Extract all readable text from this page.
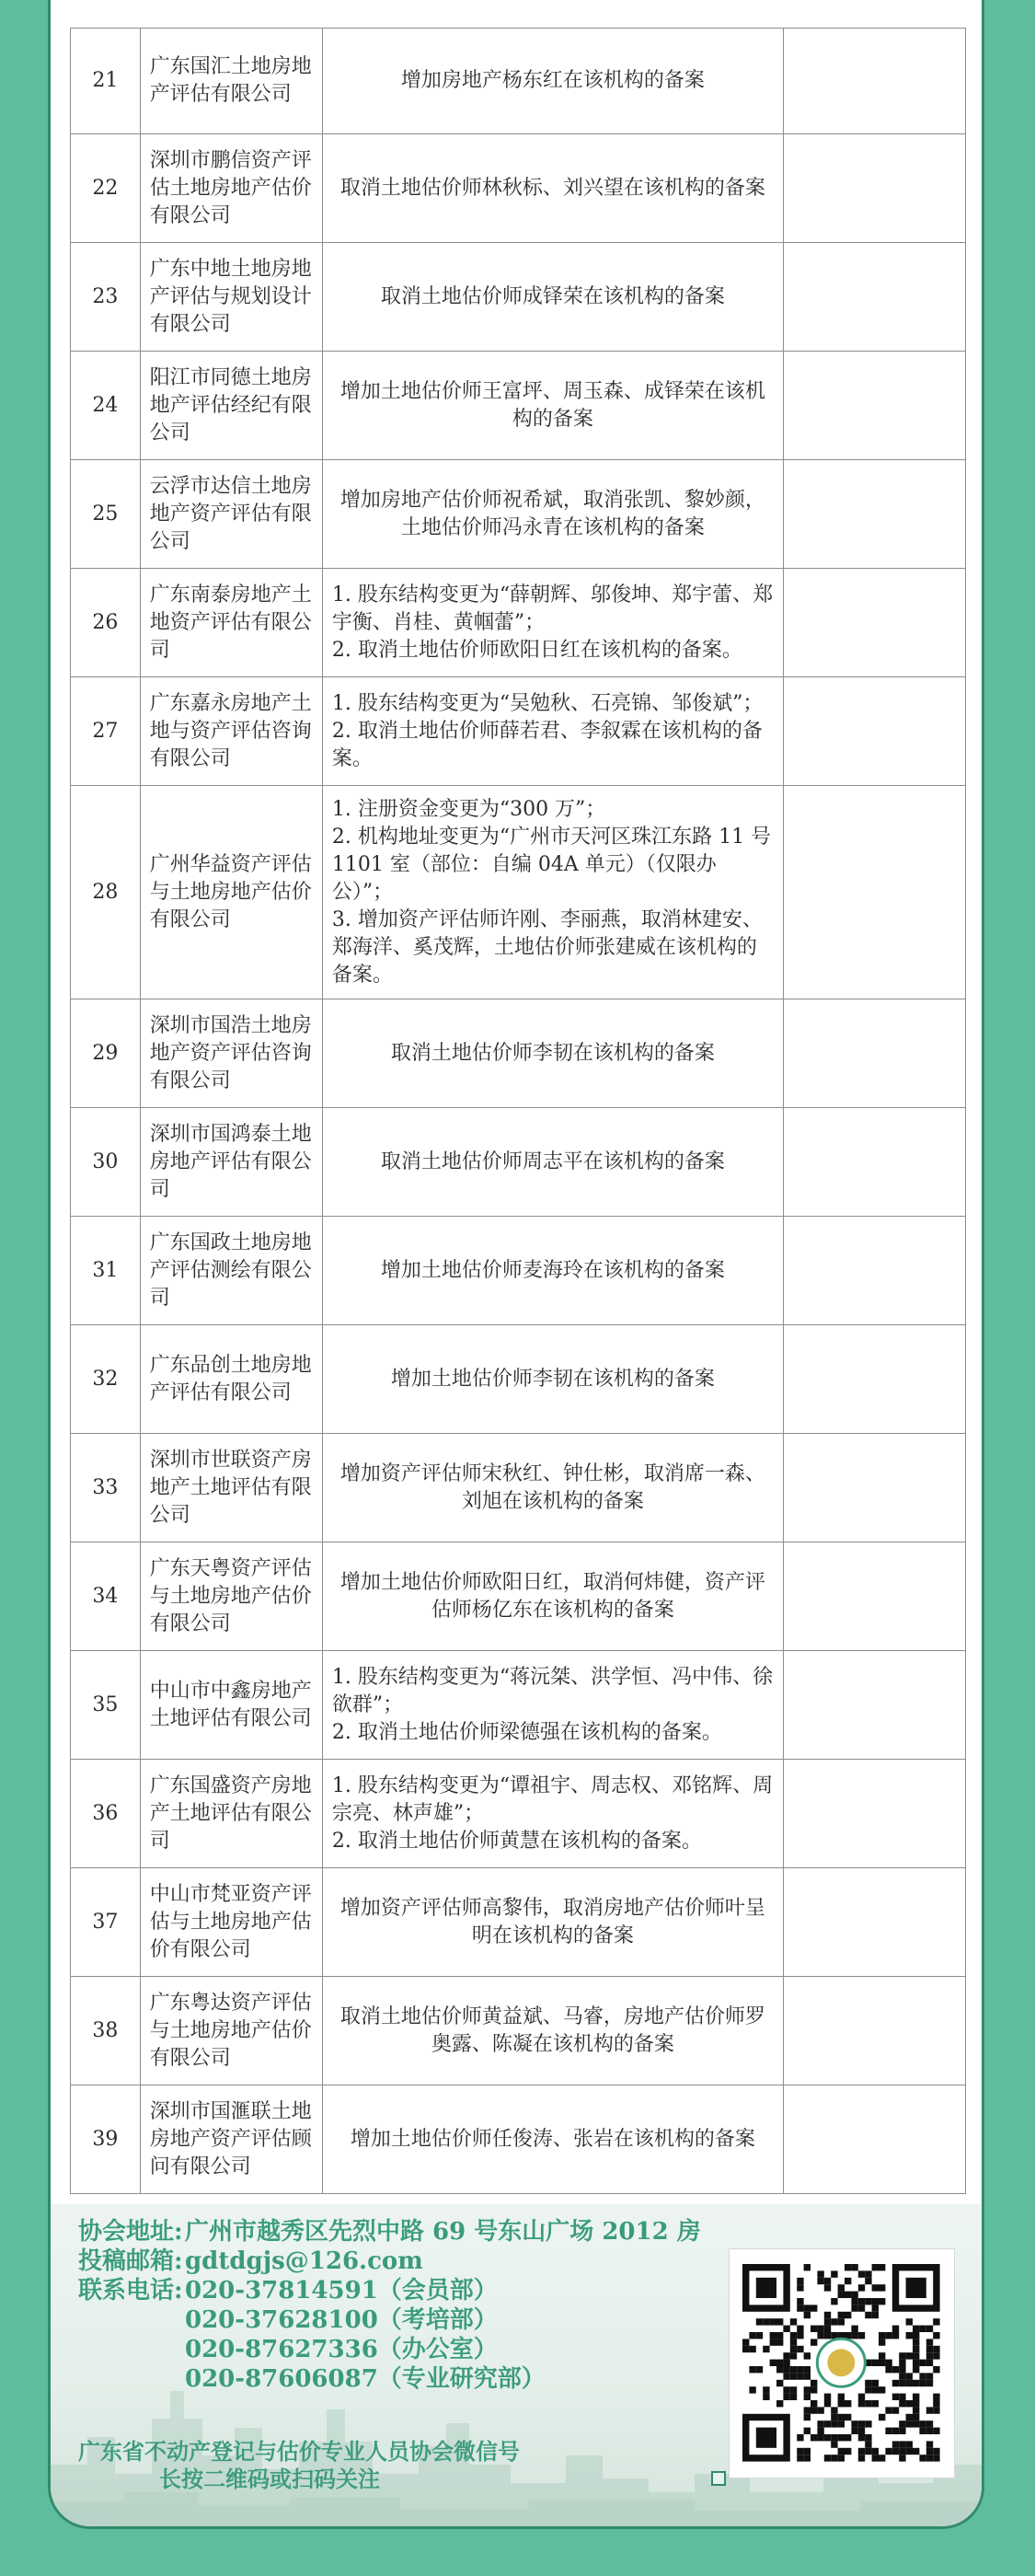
21	广东国汇土地房地产评估有限公司	增加房地产杨东红在该机构的备案	

22	深圳市鹏信资产评估土地房地产估价有限公司	取消土地估价师林秋标、刘兴望在该机构的备案	

23	广东中地土地房地产评估与规划设计有限公司	取消土地估价师成铎荣在该机构的备案	

24	阳江市同德土地房地产评估经纪有限公司	增加土地估价师王富坪、周玉森、成铎荣在该机构的备案	

25	云浮市达信土地房地产资产评估有限公司	增加房地产估价师祝希斌，取消张凯、黎妙颜，土地估价师冯永青在该机构的备案	

26	广东南泰房地产土地资产评估有限公司	1. 股东结构变更为“薛朝辉、邬俊坤、郑宇蕾、郑宇衡、肖桂、黄帼蕾”；
2. 取消土地估价师欧阳日红在该机构的备案。	

27	广东嘉永房地产土地与资产评估咨询有限公司	1. 股东结构变更为“吴勉秋、石亮锦、邹俊斌”；
2. 取消土地估价师薛若君、李叙霖在该机构的备案。	

28	广州华益资产评估与土地房地产估价有限公司	1. 注册资金变更为“300 万”；
2. 机构地址变更为“广州市天河区珠江东路 11 号 1101 室（部位：自编 04A 单元）（仅限办公）”；
3. 增加资产评估师许刚、李丽燕，取消林建安、郑海洋、奚茂辉，土地估价师张建威在该机构的备案。	

29	深圳市国浩土地房地产资产评估咨询有限公司	取消土地估价师李韧在该机构的备案	

30	深圳市国鸿泰土地房地产评估有限公司	取消土地估价师周志平在该机构的备案	

31	广东国政土地房地产评估测绘有限公司	增加土地估价师麦海玲在该机构的备案	

32	广东品创土地房地产评估有限公司	增加土地估价师李韧在该机构的备案	

33	深圳市世联资产房地产土地评估有限公司	增加资产评估师宋秋红、钟仕彬，取消席一森、刘旭在该机构的备案	

34	广东天粤资产评估与土地房地产估价有限公司	增加土地估价师欧阳日红，取消何炜健，资产评估师杨亿东在该机构的备案	

35	中山市中鑫房地产土地评估有限公司	1. 股东结构变更为“蒋沅桀、洪学恒、冯中伟、徐欲群”；
2. 取消土地估价师梁德强在该机构的备案。	

36	广东国盛资产房地产土地评估有限公司	1. 股东结构变更为“谭祖宇、周志权、邓铭辉、周宗亮、林声雄”；
2. 取消土地估价师黄慧在该机构的备案。	

37	中山市梵亚资产评估与土地房地产估价有限公司	增加资产评估师高黎伟，取消房地产估价师叶呈明在该机构的备案	

38	广东粤达资产评估与土地房地产估价有限公司	取消土地估价师黄益斌、马睿，房地产估价师罗奥露、陈凝在该机构的备案	

39	深圳市国滙联土地房地产资产评估顾问有限公司	增加土地估价师任俊涛、张岩在该机构的备案	

协会地址: 广州市越秀区先烈中路 69 号东山广场 2012 房
投稿邮箱: gdtdgjs@126.com
联系电话: 020-37814591（会员部）
020-37628100（考培部）
020-87627336（办公室）
020-87606087（专业研究部）
广东省不动产登记与估价专业人员协会微信号
长按二维码或扫码关注
